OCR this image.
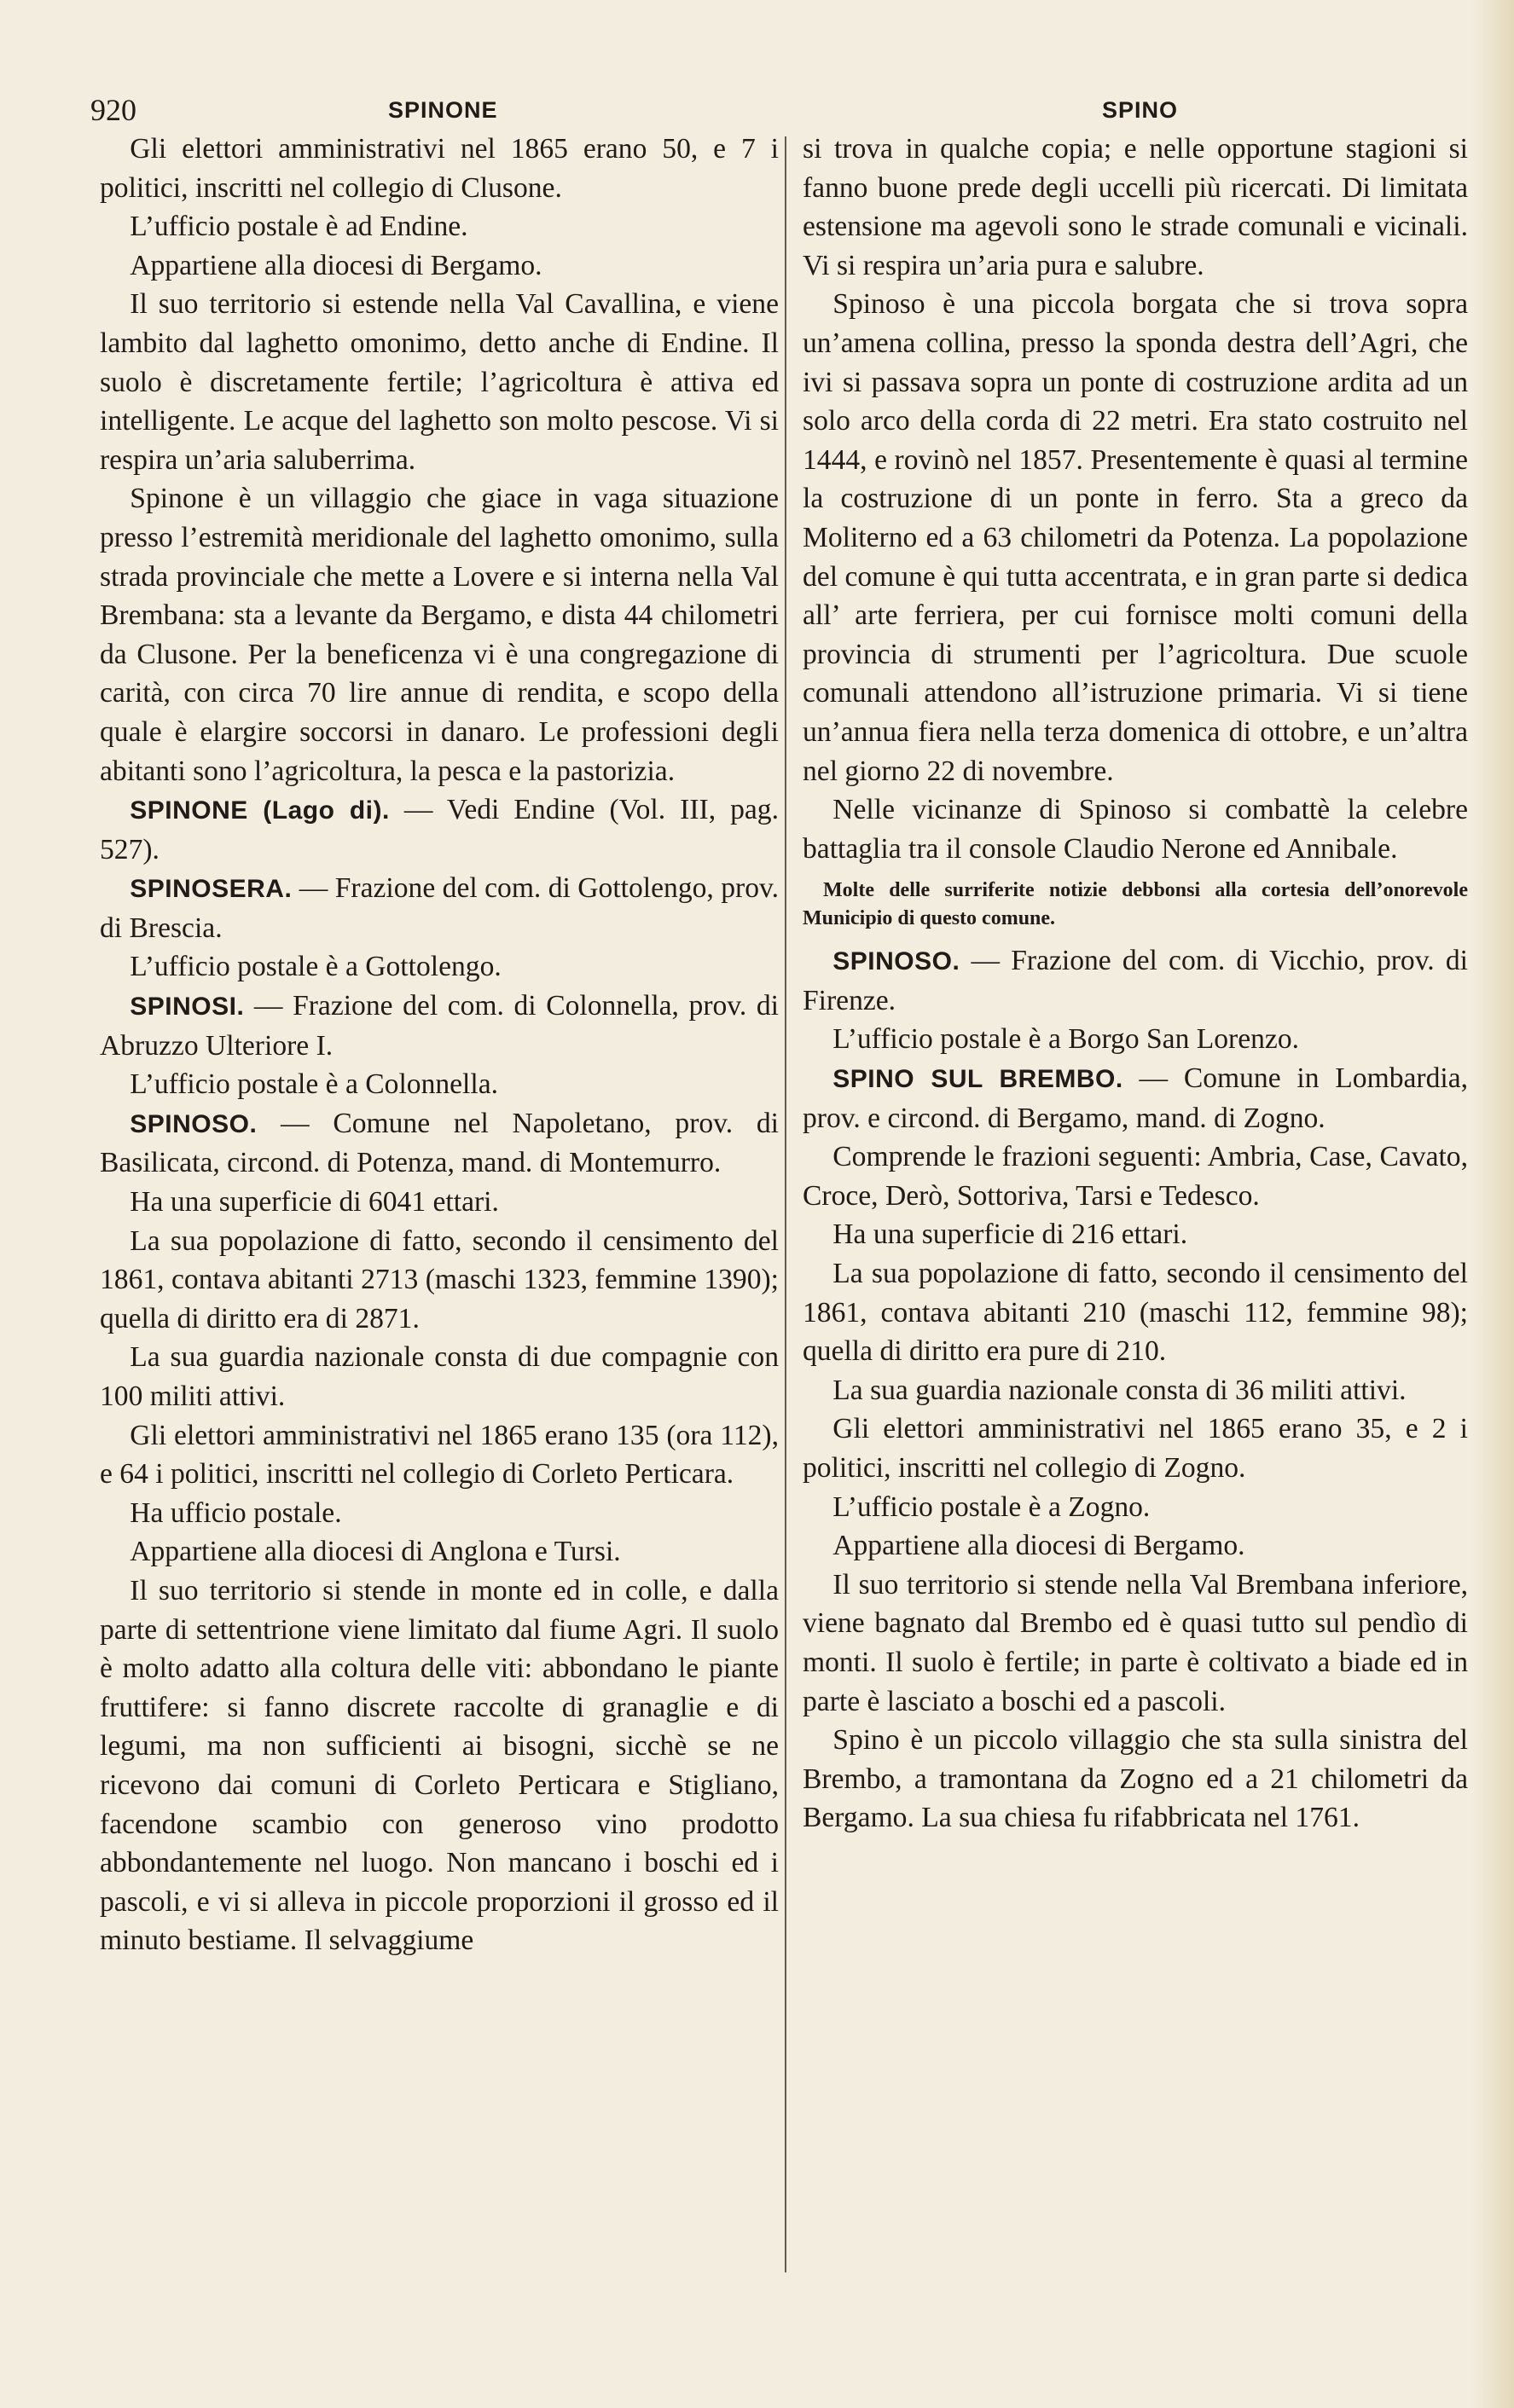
920	SPINONE	SPINO

Gli elettori amministrativi nel 1865 erano 50, e 7 i politici, inscritti nel collegio di Clusone.

L’ufficio postale è ad Endine.

Appartiene alla diocesi di Bergamo.

Il suo territorio si estende nella Val Cavallina, e viene lambito dal laghetto omonimo, detto anche di Endine. Il suolo è discretamente fertile; l’agricoltura è attiva ed intelligente. Le acque del laghetto son molto pescose. Vi si respira un’aria saluberrima.

Spinone è un villaggio che giace in vaga situazione presso l’estremità meridionale del laghetto omonimo, sulla strada provinciale che mette a Lovere e si interna nella Val Brembana: sta a levante da Bergamo, e dista 44 chilometri da Clusone. Per la beneficenza vi è una congregazione di carità, con circa 70 lire annue di rendita, e scopo della quale è elargire soccorsi in danaro. Le professioni degli abitanti sono l’agricoltura, la pesca e la pastorizia.

SPINONE (Lago di). — Vedi Endine (Vol. III, pag. 527).

SPINOSERA. — Frazione del com. di Gottolengo, prov. di Brescia.

L’ufficio postale è a Gottolengo.

SPINOSI. — Frazione del com. di Colonnella, prov. di Abruzzo Ulteriore I.

L’ufficio postale è a Colonnella.

SPINOSO. — Comune nel Napoletano, prov. di Basilicata, circond. di Potenza, mand. di Montemurro.

Ha una superficie di 6041 ettari.

La sua popolazione di fatto, secondo il censimento del 1861, contava abitanti 2713 (maschi 1323, femmine 1390); quella di diritto era di 2871.

La sua guardia nazionale consta di due compagnie con 100 militi attivi.

Gli elettori amministrativi nel 1865 erano 135 (ora 112), e 64 i politici, inscritti nel collegio di Corleto Perticara.

Ha ufficio postale.

Appartiene alla diocesi di Anglona e Tursi.

Il suo territorio si stende in monte ed in colle, e dalla parte di settentrione viene limitato dal fiume Agri. Il suolo è molto adatto alla coltura delle viti: abbondano le piante fruttifere: si fanno discrete raccolte di granaglie e di legumi, ma non sufficienti ai bisogni, sicchè se ne ricevono dai comuni di Corleto Perticara e Stigliano, facendone scambio con generoso vino prodotto abbondantemente nel luogo. Non mancano i boschi ed i pascoli, e vi si alleva in piccole proporzioni il grosso ed il minuto bestiame. Il selvaggiume

si trova in qualche copia; e nelle opportune stagioni si fanno buone prede degli uccelli più ricercati. Di limitata estensione ma agevoli sono le strade comunali e vicinali. Vi si respira un’aria pura e salubre.

Spinoso è una piccola borgata che si trova sopra un’amena collina, presso la sponda destra dell’Agri, che ivi si passava sopra un ponte di costruzione ardita ad un solo arco della corda di 22 metri. Era stato costruito nel 1444, e rovinò nel 1857. Presentemente è quasi al termine la costruzione di un ponte in ferro. Sta a greco da Moliterno ed a 63 chilometri da Potenza. La popolazione del comune è qui tutta accentrata, e in gran parte si dedica all’ arte ferriera, per cui fornisce molti comuni della provincia di strumenti per l’agricoltura. Due scuole comunali attendono all’istruzione primaria. Vi si tiene un’annua fiera nella terza domenica di ottobre, e un’altra nel giorno 22 di novembre.

Nelle vicinanze di Spinoso si combattè la celebre battaglia tra il console Claudio Nerone ed Annibale.

Molte delle surriferite notizie debbonsi alla cortesia dell’onorevole Municipio di questo comune.

SPINOSO. — Frazione del com. di Vicchio, prov. di Firenze.

L’ufficio postale è a Borgo San Lorenzo.

SPINO SUL BREMBO. — Comune in Lombardia, prov. e circond. di Bergamo, mand. di Zogno.

Comprende le frazioni seguenti: Ambria, Case, Cavato, Croce, Derò, Sottoriva, Tarsi e Tedesco.

Ha una superficie di 216 ettari.

La sua popolazione di fatto, secondo il censimento del 1861, contava abitanti 210 (maschi 112, femmine 98); quella di diritto era pure di 210.

La sua guardia nazionale consta di 36 militi attivi.

Gli elettori amministrativi nel 1865 erano 35, e 2 i politici, inscritti nel collegio di Zogno.

L’ufficio postale è a Zogno.

Appartiene alla diocesi di Bergamo.

Il suo territorio si stende nella Val Brembana inferiore, viene bagnato dal Brembo ed è quasi tutto sul pendìo di monti. Il suolo è fertile; in parte è coltivato a biade ed in parte è lasciato a boschi ed a pascoli.

Spino è un piccolo villaggio che sta sulla sinistra del Brembo, a tramontana da Zogno ed a 21 chilometri da Bergamo. La sua chiesa fu rifabbricata nel 1761.
